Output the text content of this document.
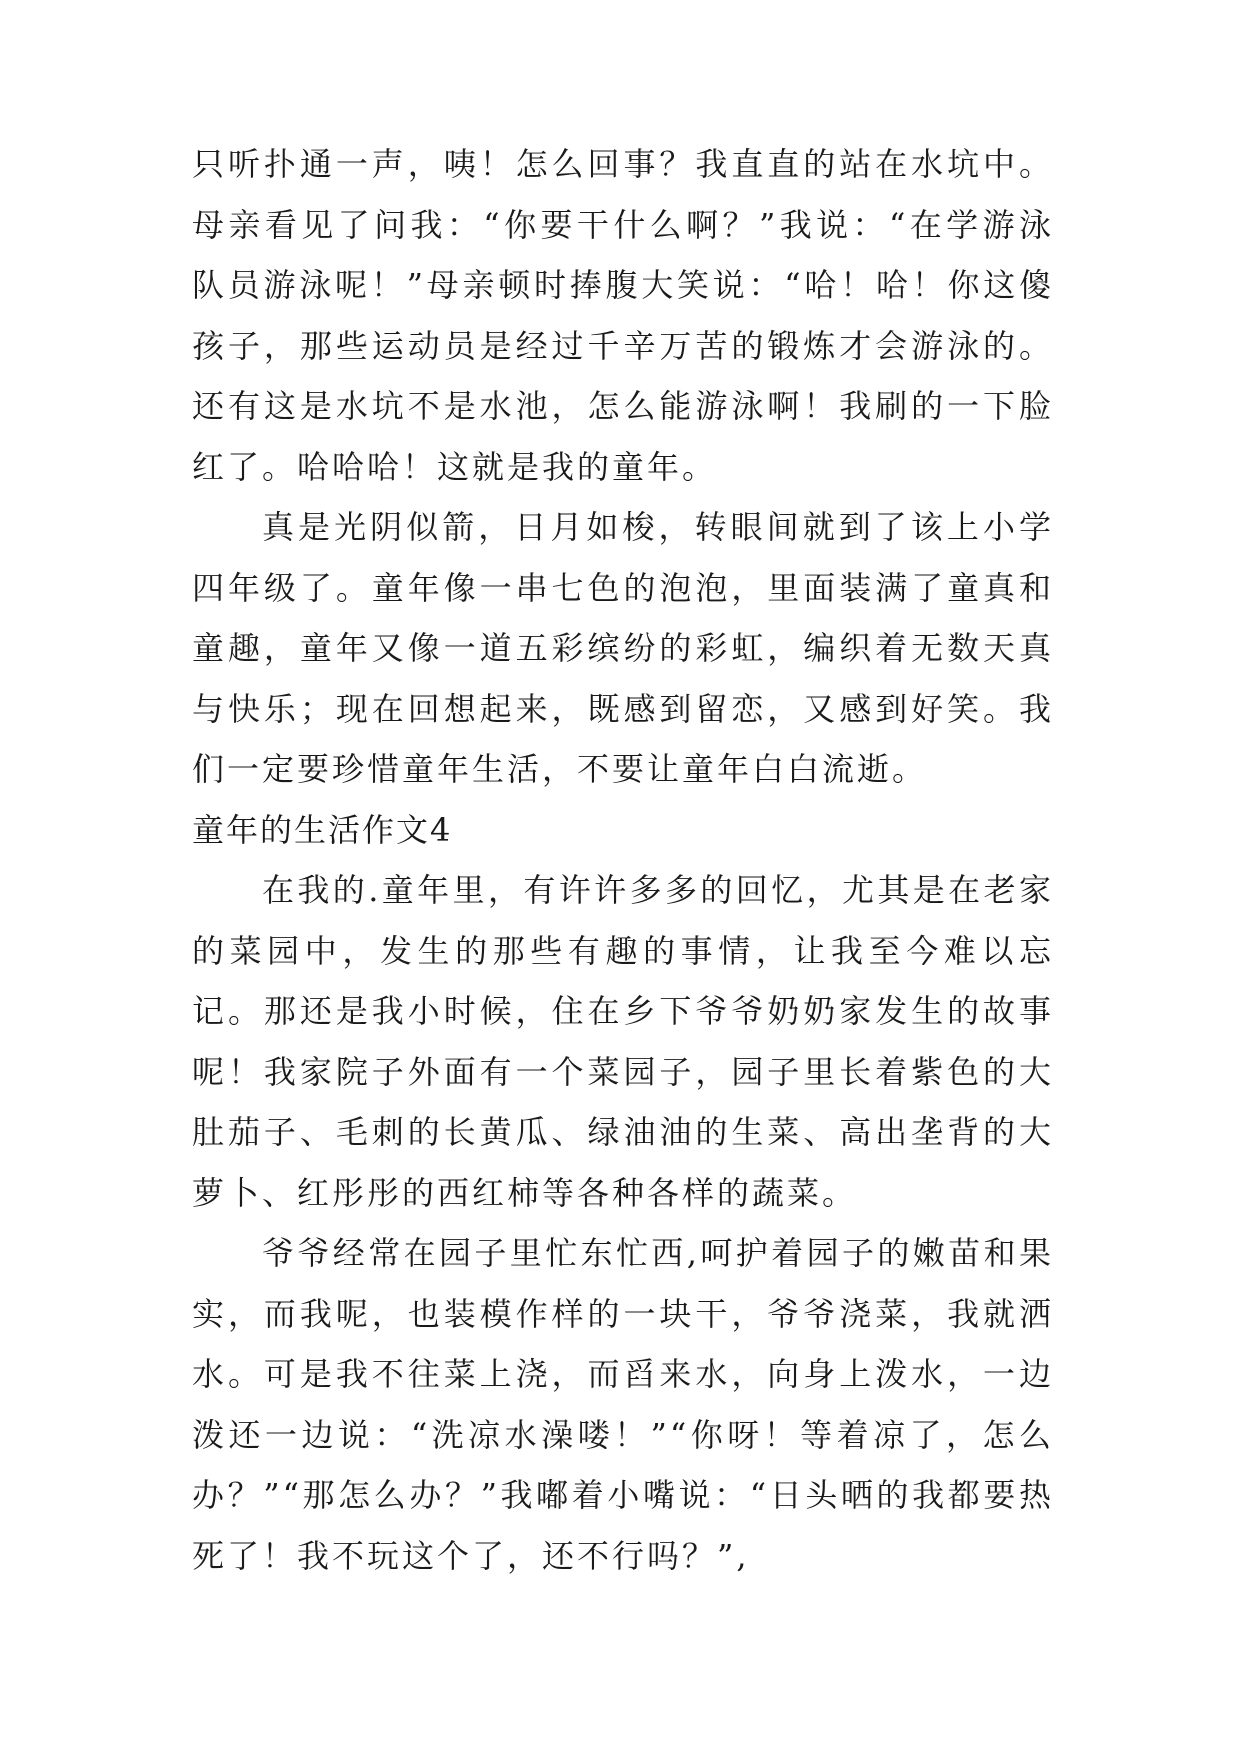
只听扑通一声，咦！怎么回事？我直直的站在水坑中。母亲看见了问我：“你要干什么啊？”我说：“在学游泳队员游泳呢！”母亲顿时捧腹大笑说：“哈！哈！你这傻孩子，那些运动员是经过千辛万苦的锻炼才会游泳的。还有这是水坑不是水池，怎么能游泳啊！我刷的一下脸红了。哈哈哈！这就是我的童年。

真是光阴似箭，日月如梭，转眼间就到了该上小学四年级了。童年像一串七色的泡泡，里面装满了童真和童趣，童年又像一道五彩缤纷的彩虹，编织着无数天真与快乐；现在回想起来，既感到留恋，又感到好笑。我们一定要珍惜童年生活，不要让童年白白流逝。

童年的生活作文4

在我的.童年里，有许许多多的回忆，尤其是在老家的菜园中，发生的那些有趣的事情，让我至今难以忘记。那还是我小时候，住在乡下爷爷奶奶家发生的故事呢！我家院子外面有一个菜园子，园子里长着紫色的大肚茄子、毛刺的长黄瓜、绿油油的生菜、高出垄背的大萝卜、红彤彤的西红柿等各种各样的蔬菜。

爷爷经常在园子里忙东忙西,呵护着园子的嫩苗和果实，而我呢，也装模作样的一块干，爷爷浇菜，我就洒水。可是我不往菜上浇，而舀来水，向身上泼水，一边泼还一边说：“洗凉水澡喽！”“你呀！等着凉了，怎么办？”“那怎么办？”我嘟着小嘴说：“日头晒的我都要热死了！我不玩这个了，还不行吗？”,
